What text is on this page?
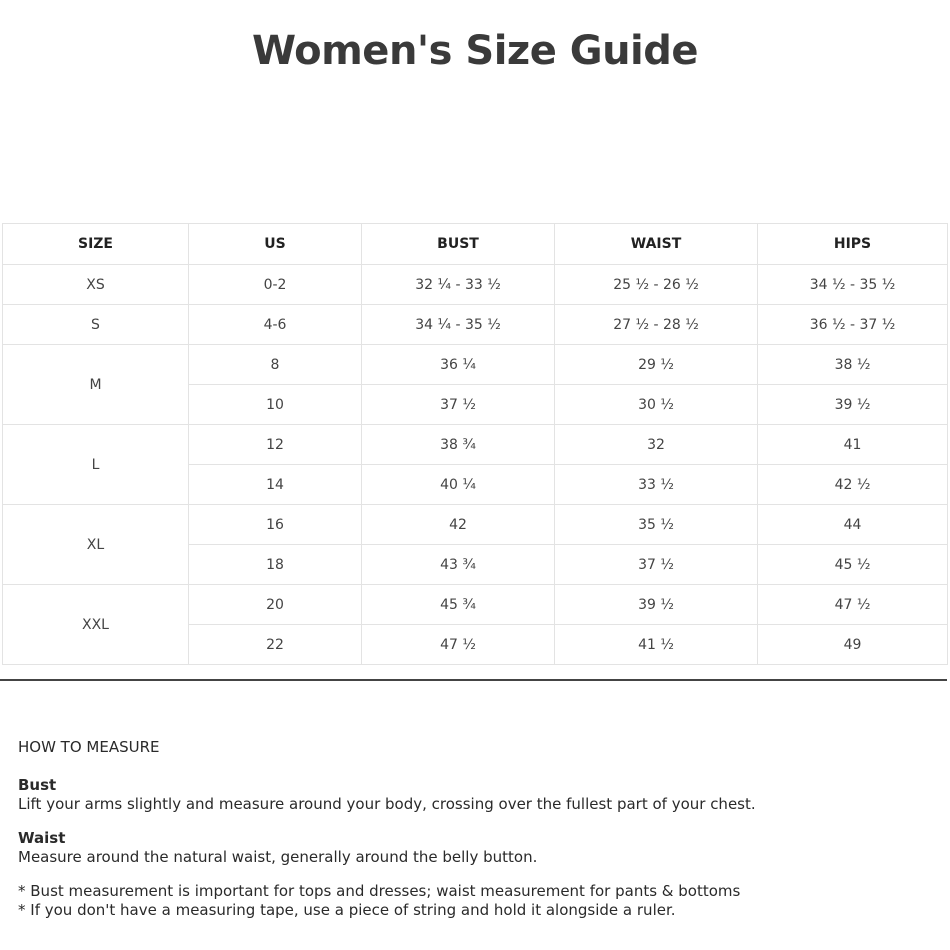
Women's Size Guide
SIZE	US	BUST	WAIST	HIPS
XS	0-2	32 ¼ - 33 ½	25 ½ - 26 ½	34 ½ - 35 ½
S	4-6	34 ¼ - 35 ½	27 ½ - 28 ½	36 ½ - 37 ½
M	8	36 ¼	29 ½	38 ½
	10	37 ½	30 ½	39 ½
L	12	38 ¾	32	41
	14	40 ¼	33 ½	42 ½
XL	16	42	35 ½	44
	18	43 ¾	37 ½	45 ½
XXL	20	45 ¾	39 ½	47 ½
	22	47 ½	41 ½	49

HOW TO MEASURE

Bust

Lift your arms slightly and measure around your body, crossing over the fullest part of your chest.

Waist

Measure around the natural waist, generally around the belly button.

* Bust measurement is important for tops and dresses; waist measurement for pants & bottoms

* If you don't have a measuring tape, use a piece of string and hold it alongside a ruler.
